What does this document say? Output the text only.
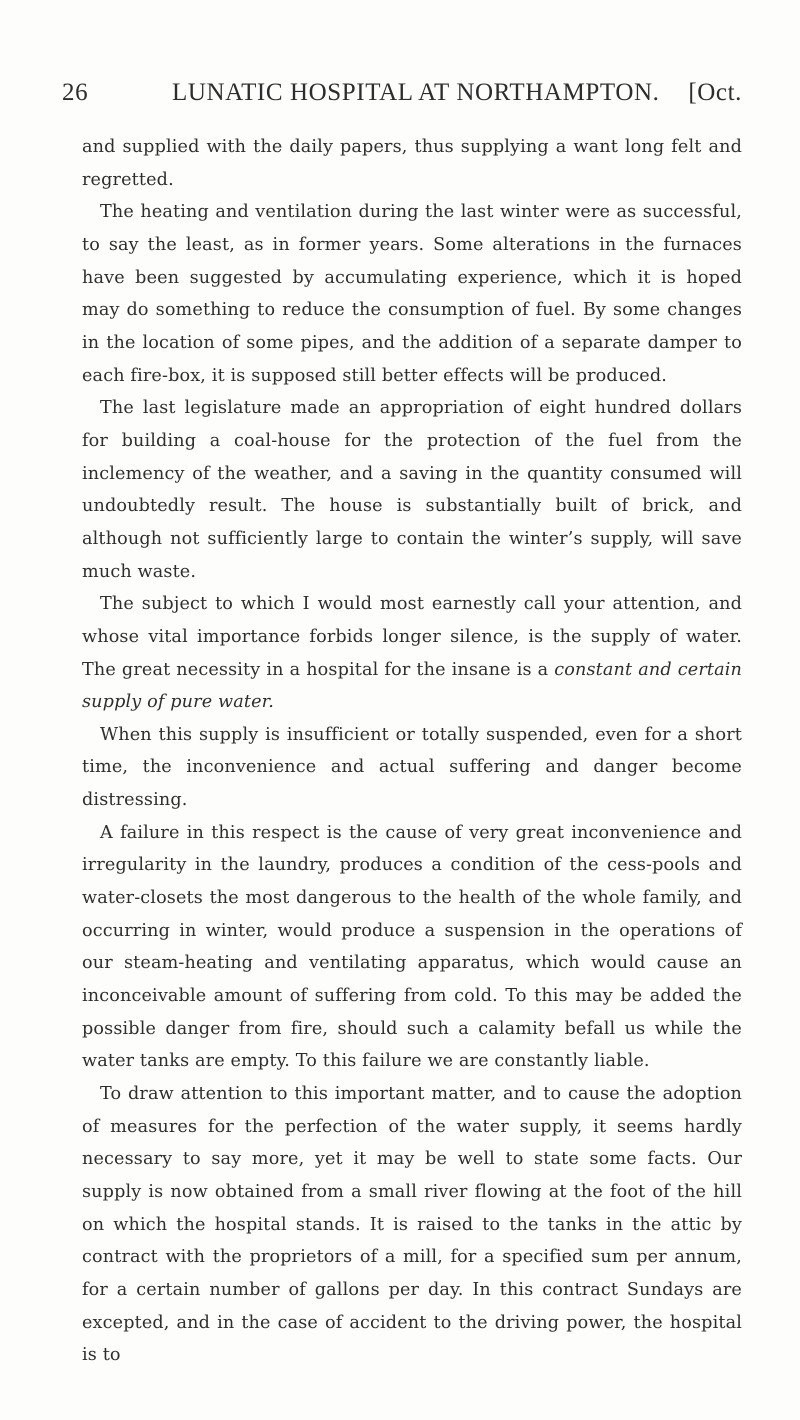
26	LUNATIC HOSPITAL AT NORTHAMPTON. [Oct.

and supplied with the daily papers, thus supplying a want long felt and regretted.

The heating and ventilation during the last winter were as successful, to say the least, as in former years. Some alterations in the furnaces have been suggested by accumulating experience, which it is hoped may do something to reduce the consumption of fuel. By some changes in the location of some pipes, and the addition of a separate damper to each fire-box, it is supposed still better effects will be produced.

The last legislature made an appropriation of eight hundred dollars for building a coal-house for the protection of the fuel from the inclemency of the weather, and a saving in the quantity consumed will undoubtedly result. The house is substantially built of brick, and although not sufficiently large to contain the winter’s supply, will save much waste.

The subject to which I would most earnestly call your attention, and whose vital importance forbids longer silence, is the supply of water. The great necessity in a hospital for the insane is a constant and certain supply of pure water.

When this supply is insufficient or totally suspended, even for a short time, the inconvenience and actual suffering and danger become distressing.

A failure in this respect is the cause of very great inconvenience and irregularity in the laundry, produces a condition of the cess-pools and water-closets the most dangerous to the health of the whole family, and occurring in winter, would produce a suspension in the operations of our steam-heating and ventilating apparatus, which would cause an inconceivable amount of suffering from cold. To this may be added the possible danger from fire, should such a calamity befall us while the water tanks are empty. To this failure we are constantly liable.

To draw attention to this important matter, and to cause the adoption of measures for the perfection of the water supply, it seems hardly necessary to say more, yet it may be well to state some facts. Our supply is now obtained from a small river flowing at the foot of the hill on which the hospital stands. It is raised to the tanks in the attic by contract with the proprietors of a mill, for a specified sum per annum, for a certain number of gallons per day. In this contract Sundays are excepted, and in the case of accident to the driving power, the hospital is to
